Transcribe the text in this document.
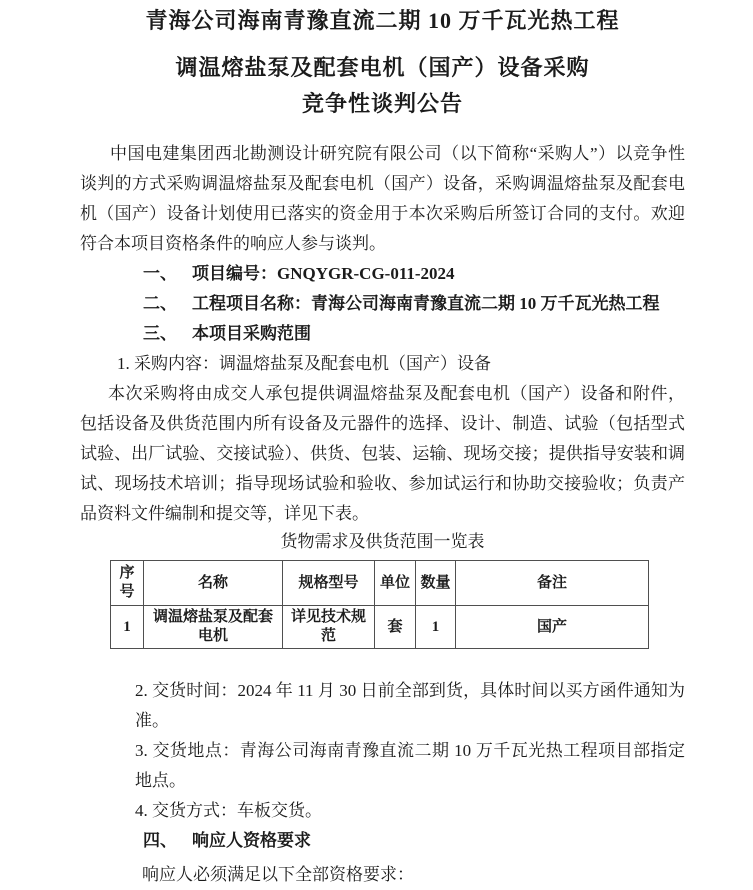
青海公司海南青豫直流二期 10 万千瓦光热工程
调温熔盐泵及配套电机（国产）设备采购
竞争性谈判公告
中国电建集团西北勘测设计研究院有限公司（以下简称“采购人”）以竞争性谈判的方式采购调温熔盐泵及配套电机（国产）设备，采购调温熔盐泵及配套电机（国产）设备计划使用已落实的资金用于本次采购后所签订合同的支付。欢迎符合本项目资格条件的响应人参与谈判。
一、 项目编号：GNQYGR-CG-011-2024
二、 工程项目名称：青海公司海南青豫直流二期 10 万千瓦光热工程
三、 本项目采购范围
1. 采购内容：调温熔盐泵及配套电机（国产）设备
本次采购将由成交人承包提供调温熔盐泵及配套电机（国产）设备和附件，包括设备及供货范围内所有设备及元器件的选择、设计、制造、试验（包括型式试验、出厂试验、交接试验）、供货、包装、运输、现场交接；提供指导安装和调试、现场技术培训；指导现场试验和验收、参加试运行和协助交接验收；负责产品资料文件编制和提交等，详见下表。
货物需求及供货范围一览表
序号	名称	规格型号	单位	数量	备注
1	调温熔盐泵及配套电机	详见技术规范	套	1	国产
2. 交货时间：2024 年 11 月 30 日前全部到货，具体时间以买方函件通知为准。
3. 交货地点：青海公司海南青豫直流二期 10 万千瓦光热工程项目部指定地点。
4. 交货方式：车板交货。
四、 响应人资格要求
响应人必须满足以下全部资格要求：
